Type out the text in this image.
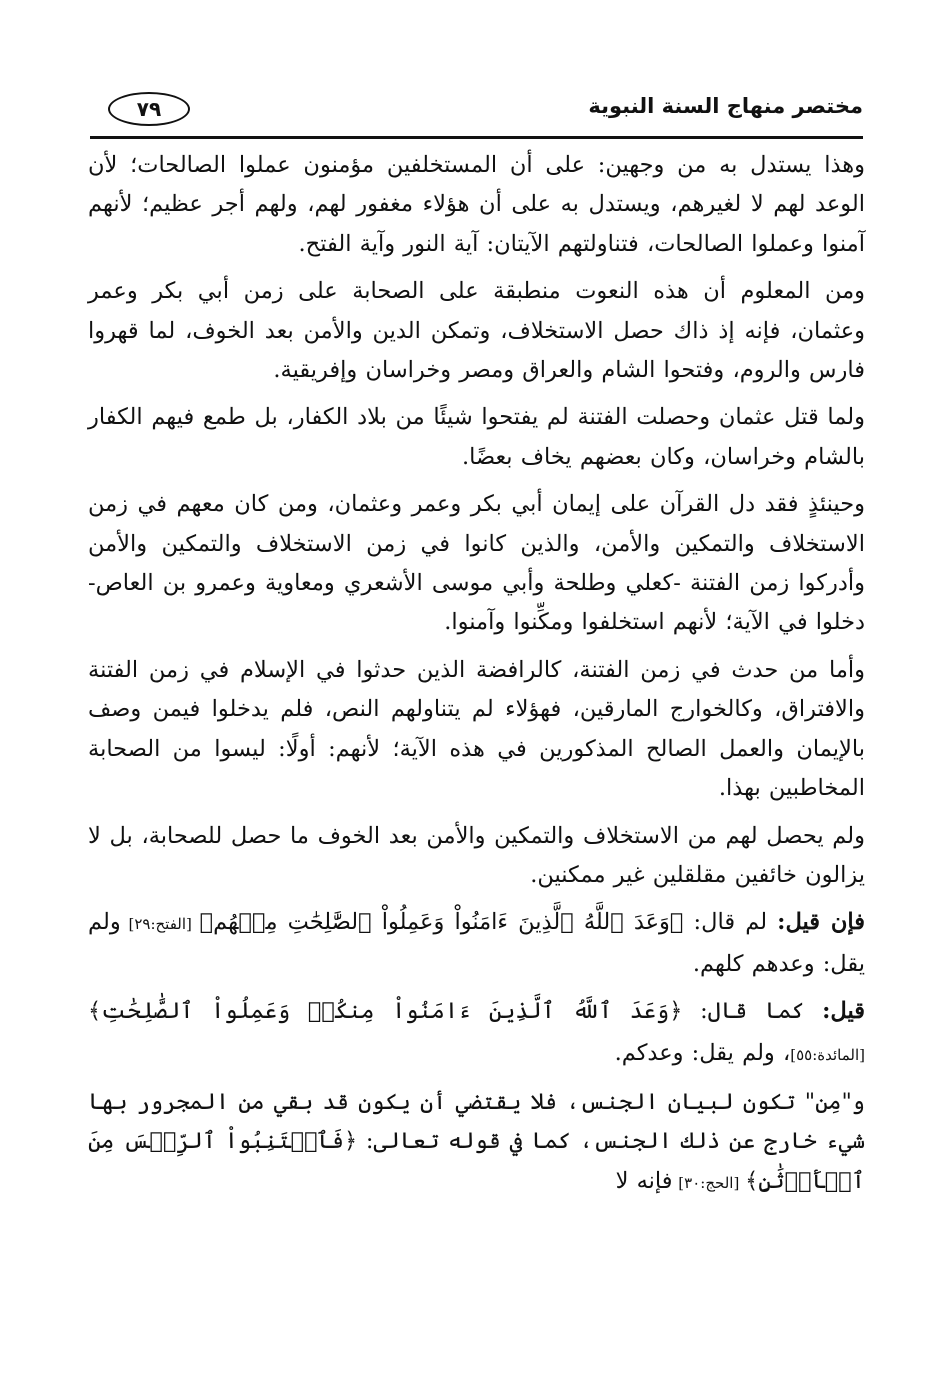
مختصر منهاج السنة النبوية
٧٩

وهذا يستدل به من وجهين: على أن المستخلفين مؤمنون عملوا الصالحات؛ لأن الوعد لهم لا لغيرهم، ويستدل به على أن هؤلاء مغفور لهم، ولهم أجر عظيم؛ لأنهم آمنوا وعملوا الصالحات، فتناولتهم الآيتان: آية النور وآية الفتح.

ومن المعلوم أن هذه النعوت منطبقة على الصحابة على زمن أبي بكر وعمر وعثمان، فإنه إذ ذاك حصل الاستخلاف، وتمكن الدين والأمن بعد الخوف، لما قهروا فارس والروم، وفتحوا الشام والعراق ومصر وخراسان وإفريقية.

ولما قتل عثمان وحصلت الفتنة لم يفتحوا شيئًا من بلاد الكفار، بل طمع فيهم الكفار بالشام وخراسان، وكان بعضهم يخاف بعضًا.

وحينئذٍ فقد دل القرآن على إيمان أبي بكر وعمر وعثمان، ومن كان معهم في زمن الاستخلاف والتمكين والأمن، والذين كانوا في زمن الاستخلاف والتمكين والأمن وأدركوا زمن الفتنة -كعلي وطلحة وأبي موسى الأشعري ومعاوية وعمرو بن العاص- دخلوا في الآية؛ لأنهم استخلفوا ومكِّنوا وآمنوا.

وأما من حدث في زمن الفتنة، كالرافضة الذين حدثوا في الإسلام في زمن الفتنة والافتراق، وكالخوارج المارقين، فهؤلاء لم يتناولهم النص، فلم يدخلوا فيمن وصف بالإيمان والعمل الصالح المذكورين في هذه الآية؛ لأنهم: أولًا: ليسوا من الصحابة المخاطبين بهذا.

ولم يحصل لهم من الاستخلاف والتمكين والأمن بعد الخوف ما حصل للصحابة، بل لا يزالون خائفين مقلقلين غير ممكنين.

فإن قيل: لم قال: ﴿وَعَدَ ٱللَّهُ ٱلَّذِينَ ءَامَنُواْ وَعَمِلُواْ ٱلصَّٰلِحَٰتِ مِنۡهُم﴾ [الفتح:٢٩] ولم يقل: وعدهم كلهم.

قيل: كما قال: ﴿وَعَدَ ٱللَّهُ ٱلَّذِينَ ءَامَنُواْ مِنكُمۡ وَعَمِلُواْ ٱلصَّٰلِحَٰتِ﴾ [المائدة:٥٥]، ولم يقل: وعدكم.

و"مِن" تكون لبيان الجنس، فلا يقتضي أن يكون قد بقي من المجرور بها شيء خارج عن ذلك الجنس، كما في قوله تعالى: ﴿فَٱجۡتَنِبُواْ ٱلرِّجۡسَ مِنَ ٱلۡأَوۡثَٰنِ﴾ [الحج:٣٠] فإنه لا
